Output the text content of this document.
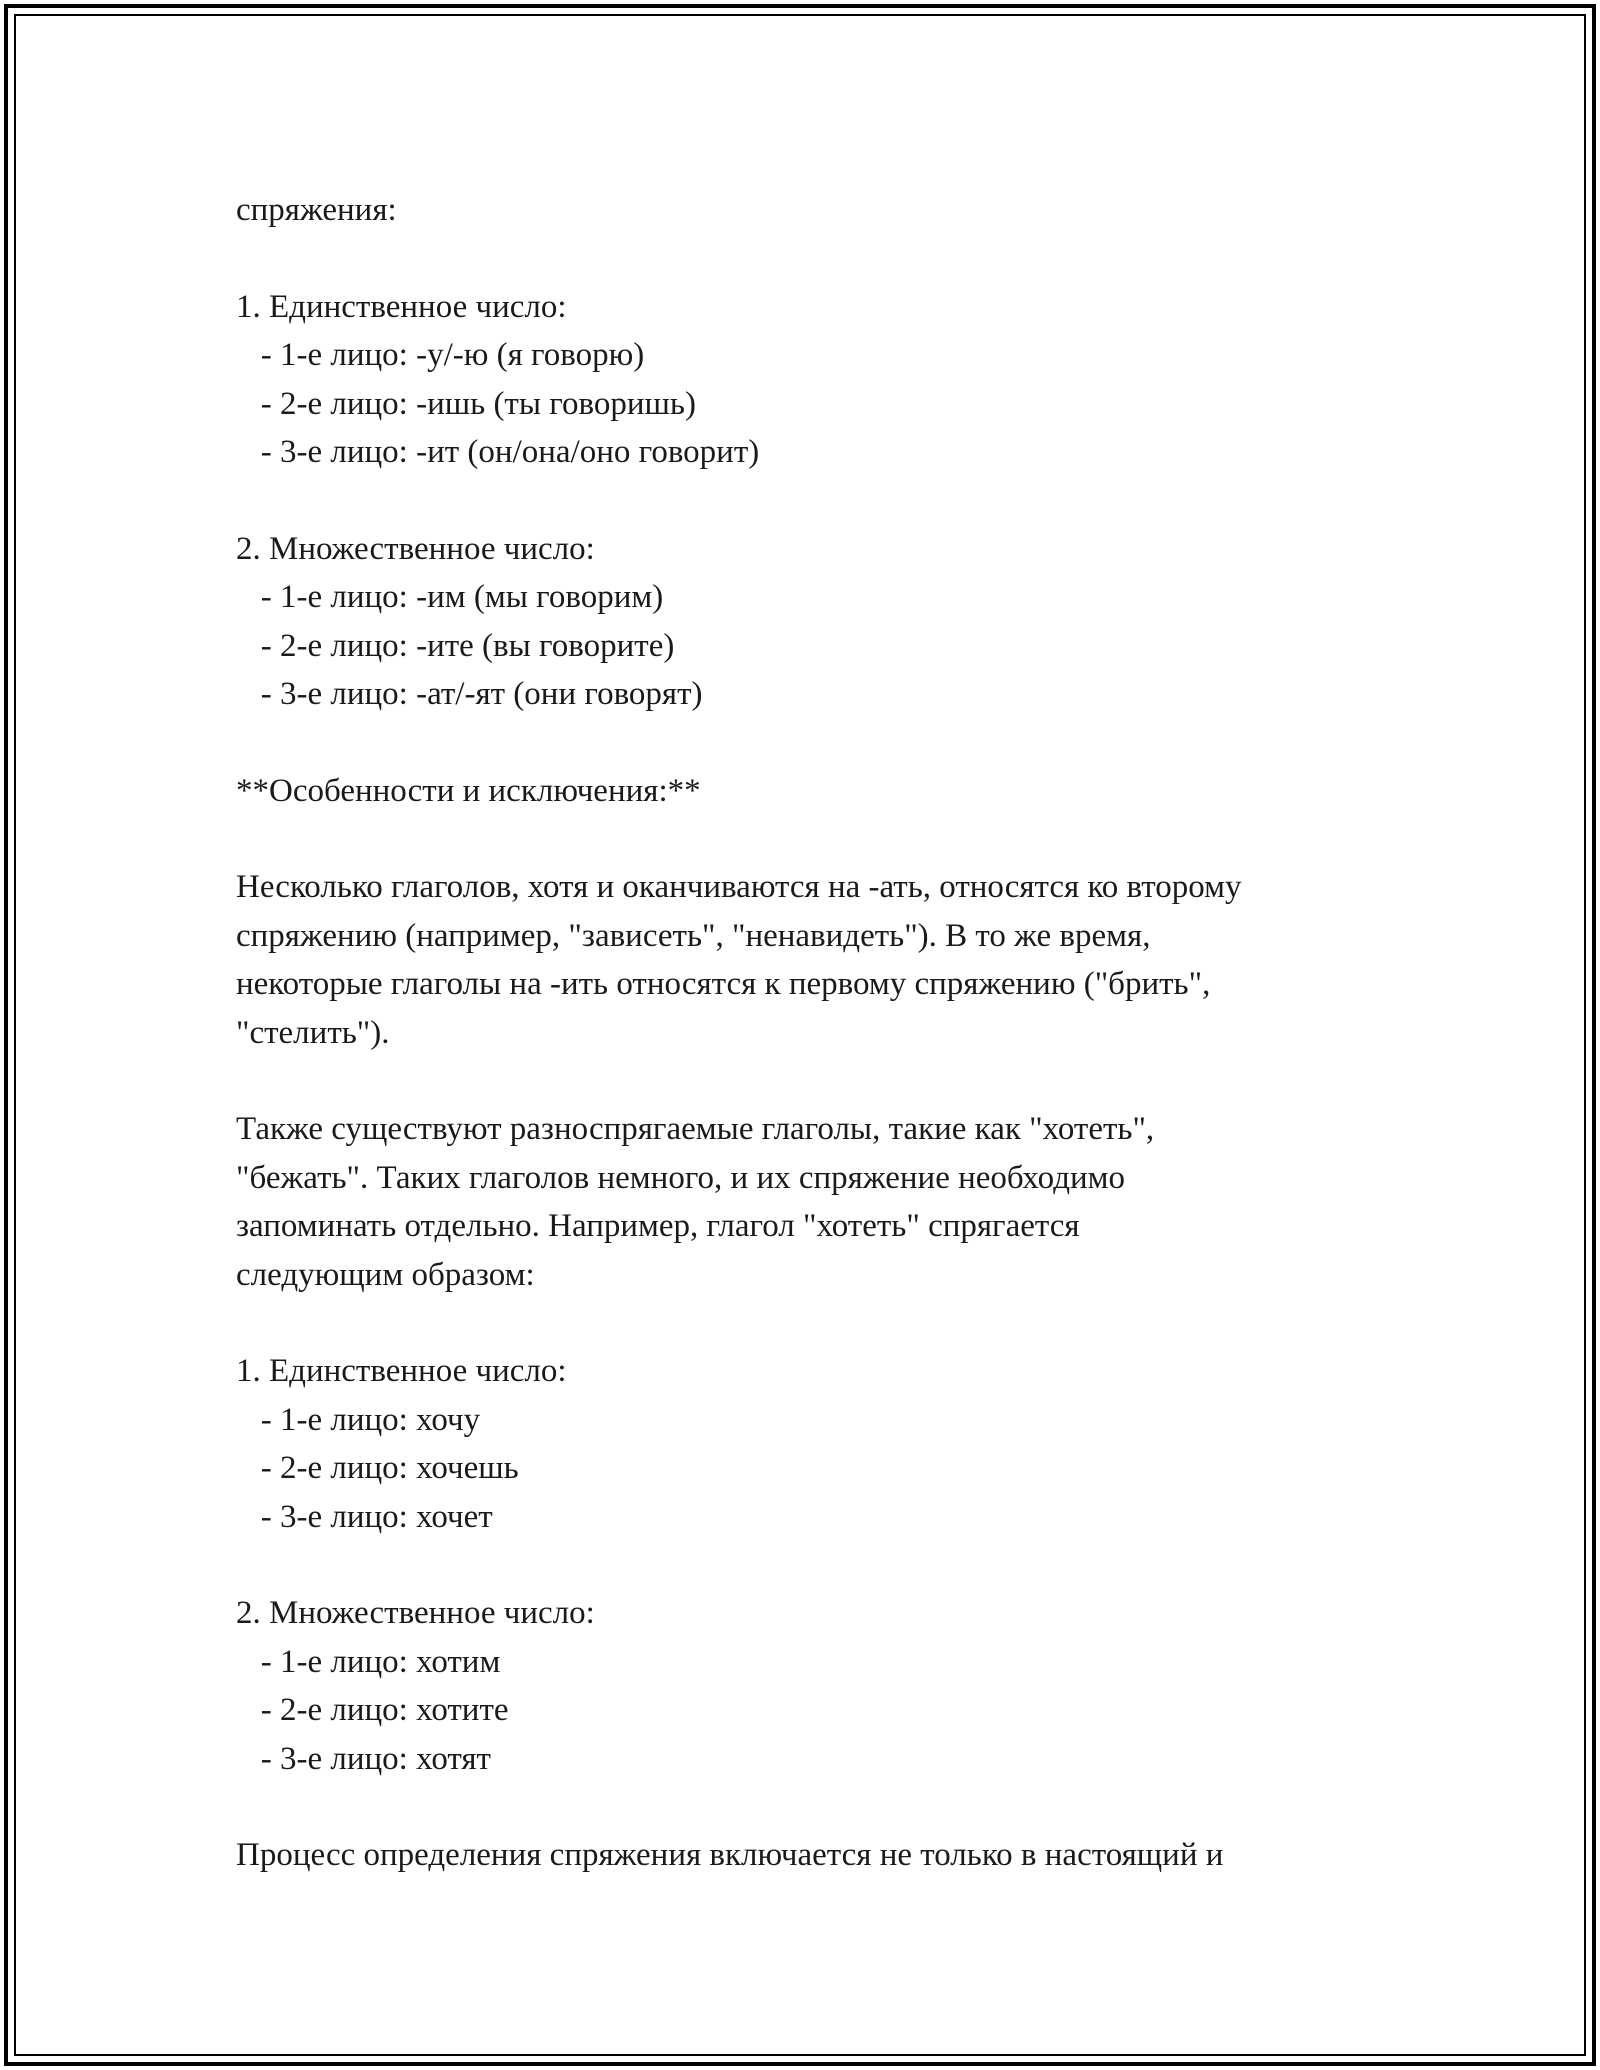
спряжения:
1. Единственное число:
- 1-е лицо: -у/-ю (я говорю)
- 2-е лицо: -ишь (ты говоришь)
- 3-е лицо: -ит (он/она/оно говорит)
2. Множественное число:
- 1-е лицо: -им (мы говорим)
- 2-е лицо: -ите (вы говорите)
- 3-е лицо: -ат/-ят (они говорят)
**Особенности и исключения:**
Несколько глаголов, хотя и оканчиваются на -ать, относятся ко второму
спряжению (например, "зависеть", "ненавидеть"). В то же время,
некоторые глаголы на -ить относятся к первому спряжению ("брить",
"стелить").
Также существуют разноспрягаемые глаголы, такие как "хотеть",
"бежать". Таких глаголов немного, и их спряжение необходимо
запоминать отдельно. Например, глагол "хотеть" спрягается
следующим образом:
1. Единственное число:
- 1-е лицо: хочу
- 2-е лицо: хочешь
- 3-е лицо: хочет
2. Множественное число:
- 1-е лицо: хотим
- 2-е лицо: хотите
- 3-е лицо: хотят
Процесс определения спряжения включается не только в настоящий и
